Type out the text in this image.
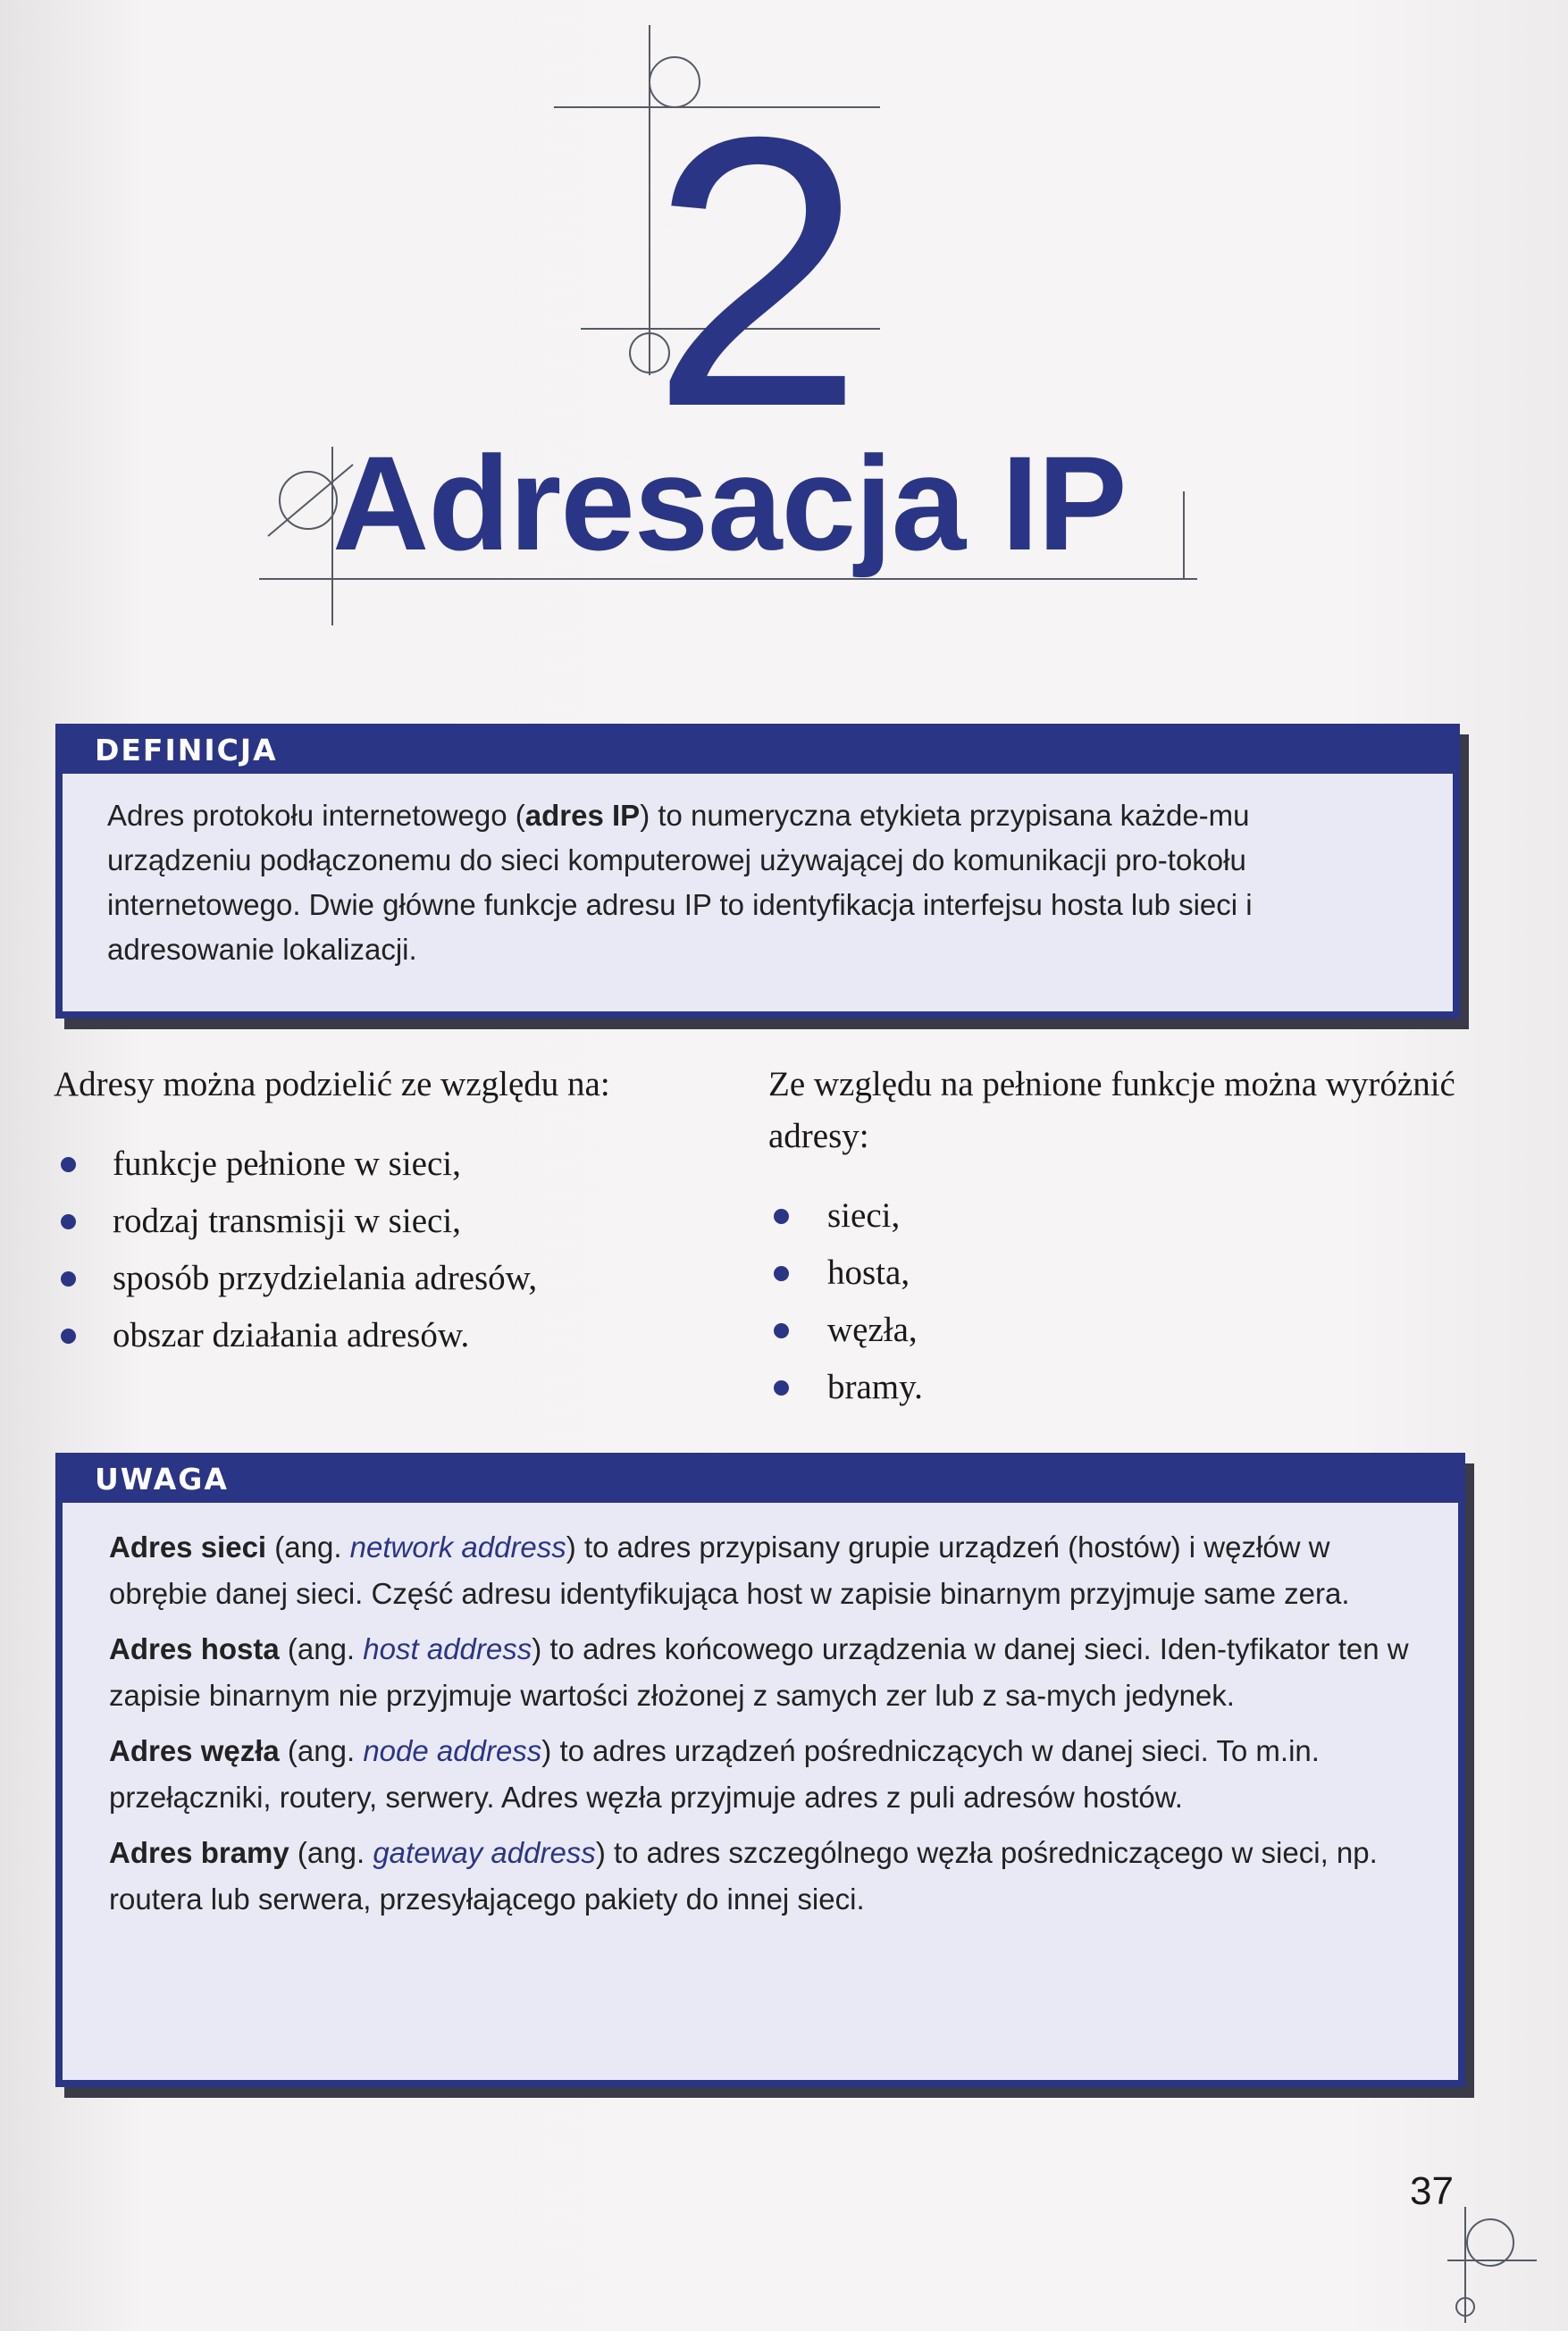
2
Adresacja IP
DEFINICJA
Adres protokołu internetowego (adres IP) to numeryczna etykieta przypisana każde-mu urządzeniu podłączonemu do sieci komputerowej używającej do komunikacji pro-tokołu internetowego. Dwie główne funkcje adresu IP to identyfikacja interfejsu hosta lub sieci i adresowanie lokalizacji.

Adresy można podzielić ze względu na:

funkcje pełnione w sieci,
rodzaj transmisji w sieci,
sposób przydzielania adresów,
obszar działania adresów.

Ze względu na pełnione funkcje można wyróżnić adresy:

sieci,
hosta,
węzła,
bramy.
UWAGA

Adres sieci (ang. network address) to adres przypisany grupie urządzeń (hostów) i węzłów w obrębie danej sieci. Część adresu identyfikująca host w zapisie binarnym przyjmuje same zera.

Adres hosta (ang. host address) to adres końcowego urządzenia w danej sieci. Iden-tyfikator ten w zapisie binarnym nie przyjmuje wartości złożonej z samych zer lub z sa-mych jedynek.

Adres węzła (ang. node address) to adres urządzeń pośredniczących w danej sieci. To m.in. przełączniki, routery, serwery. Adres węzła przyjmuje adres z puli adresów hostów.

Adres bramy (ang. gateway address) to adres szczególnego węzła pośredniczącego w sieci, np. routera lub serwera, przesyłającego pakiety do innej sieci.

37
